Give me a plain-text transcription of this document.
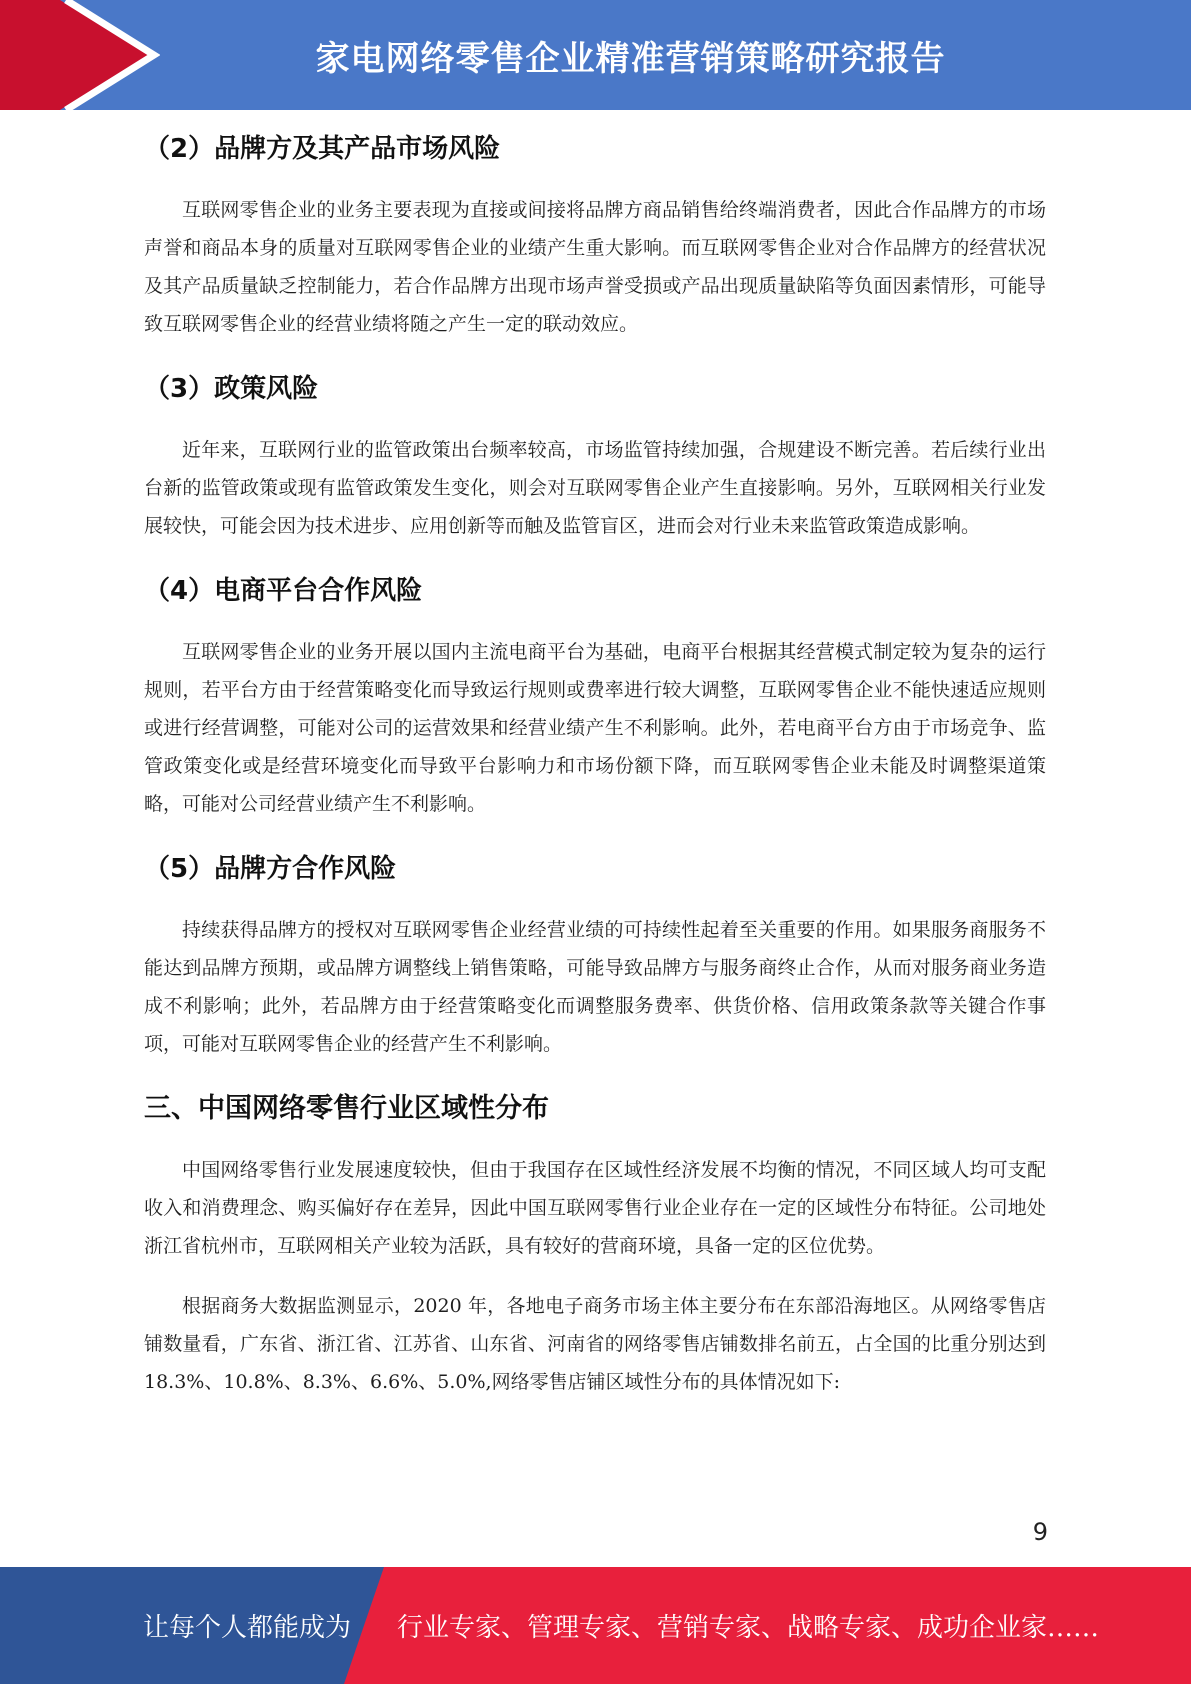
家电网络零售企业精准营销策略研究报告
（2）品牌方及其产品市场风险

互联网零售企业的业务主要表现为直接或间接将品牌方商品销售给终端消费者，因此合作品牌方的市场声誉和商品本身的质量对互联网零售企业的业绩产生重大影响。而互联网零售企业对合作品牌方的经营状况及其产品质量缺乏控制能力，若合作品牌方出现市场声誉受损或产品出现质量缺陷等负面因素情形，可能导致互联网零售企业的经营业绩将随之产生一定的联动效应。

（3）政策风险

近年来，互联网行业的监管政策出台频率较高，市场监管持续加强，合规建设不断完善。若后续行业出台新的监管政策或现有监管政策发生变化，则会对互联网零售企业产生直接影响。另外，互联网相关行业发展较快，可能会因为技术进步、应用创新等而触及监管盲区，进而会对行业未来监管政策造成影响。

（4）电商平台合作风险

互联网零售企业的业务开展以国内主流电商平台为基础，电商平台根据其经营模式制定较为复杂的运行规则，若平台方由于经营策略变化而导致运行规则或费率进行较大调整，互联网零售企业不能快速适应规则或进行经营调整，可能对公司的运营效果和经营业绩产生不利影响。此外，若电商平台方由于市场竞争、监管政策变化或是经营环境变化而导致平台影响力和市场份额下降，而互联网零售企业未能及时调整渠道策略，可能对公司经营业绩产生不利影响。

（5）品牌方合作风险

持续获得品牌方的授权对互联网零售企业经营业绩的可持续性起着至关重要的作用。如果服务商服务不能达到品牌方预期，或品牌方调整线上销售策略，可能导致品牌方与服务商终止合作，从而对服务商业务造成不利影响；此外，若品牌方由于经营策略变化而调整服务费率、供货价格、信用政策条款等关键合作事项，可能对互联网零售企业的经营产生不利影响。

三、中国网络零售行业区域性分布

中国网络零售行业发展速度较快，但由于我国存在区域性经济发展不均衡的情况，不同区域人均可支配收入和消费理念、购买偏好存在差异，因此中国互联网零售行业企业存在一定的区域性分布特征。公司地处浙江省杭州市，互联网相关产业较为活跃，具有较好的营商环境，具备一定的区位优势。

根据商务大数据监测显示，2020 年，各地电子商务市场主体主要分布在东部沿海地区。从网络零售店铺数量看，广东省、浙江省、江苏省、山东省、河南省的网络零售店铺数排名前五，占全国的比重分别达到 18.3%、10.8%、8.3%、6.6%、5.0%,网络零售店铺区域性分布的具体情况如下:

9
让每个人都能成为 行业专家、管理专家、营销专家、战略专家、成功企业家……
